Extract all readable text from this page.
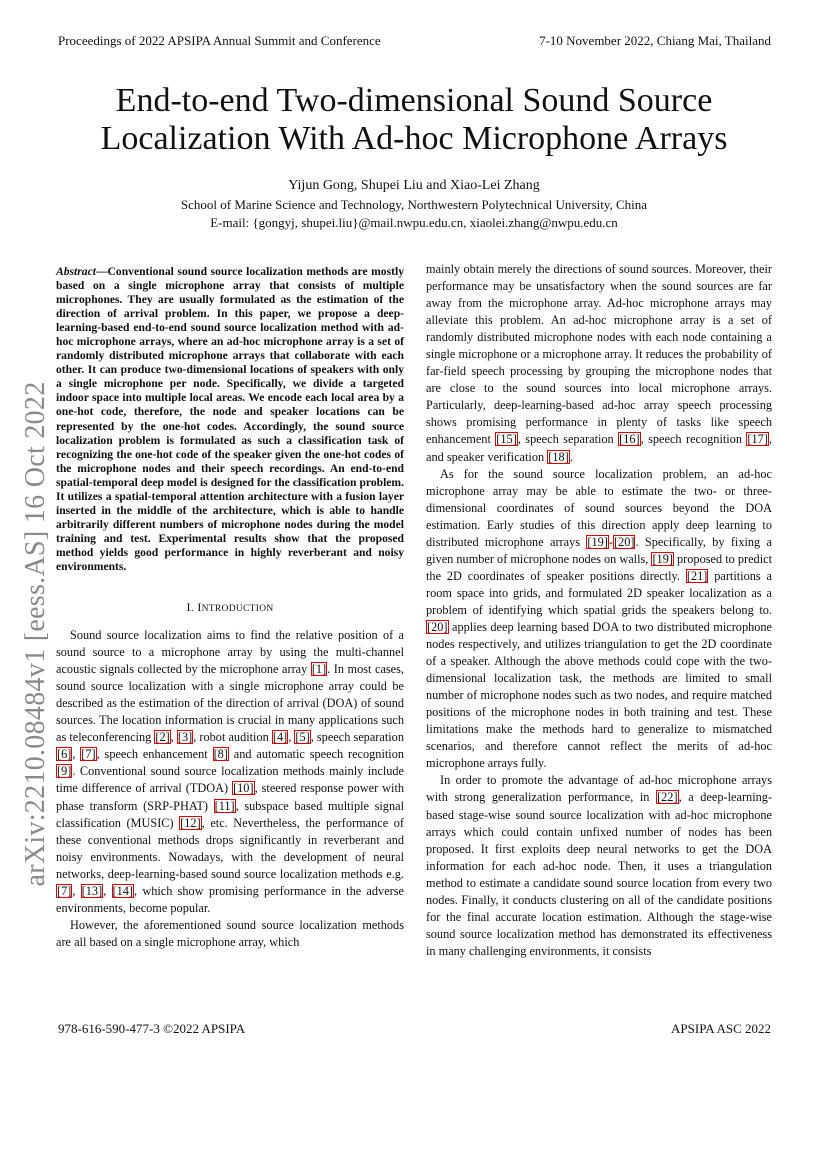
Proceedings of 2022 APSIPA Annual Summit and Conference	7-10 November 2022, Chiang Mai, Thailand
End-to-end Two-dimensional Sound Source
Localization With Ad-hoc Microphone Arrays
Yijun Gong, Shupei Liu and Xiao-Lei Zhang
School of Marine Science and Technology, Northwestern Polytechnical University, China
E-mail: {gongyj, shupei.liu}@mail.nwpu.edu.cn, xiaolei.zhang@nwpu.edu.cn
arXiv:2210.08484v1 [eess.AS] 16 Oct 2022

Abstract—Conventional sound source localization methods are mostly based on a single microphone array that consists of multiple microphones. They are usually formulated as the estimation of the direction of arrival problem. In this paper, we propose a deep-learning-based end-to-end sound source localization method with ad-hoc microphone arrays, where an ad-hoc microphone array is a set of randomly distributed microphone arrays that collaborate with each other. It can produce two-dimensional locations of speakers with only a single microphone per node. Specifically, we divide a targeted indoor space into multiple local areas. We encode each local area by a one-hot code, therefore, the node and speaker locations can be represented by the one-hot codes. Accordingly, the sound source localization problem is formulated as such a classification task of recognizing the one-hot code of the speaker given the one-hot codes of the microphone nodes and their speech recordings. An end-to-end spatial-temporal deep model is designed for the classification problem. It utilizes a spatial-temporal attention architecture with a fusion layer inserted in the middle of the architecture, which is able to handle arbitrarily different numbers of microphone nodes during the model training and test. Experimental results show that the proposed method yields good performance in highly reverberant and noisy environments.

I. INTRODUCTION

Sound source localization aims to find the relative position of a sound source to a microphone array by using the multi-channel acoustic signals collected by the microphone array [1]. In most cases, sound source localization with a single microphone array could be described as the estimation of the direction of arrival (DOA) of sound sources. The location information is crucial in many applications such as teleconferencing [2], [3], robot audition [4], [5], speech separation [6], [7], speech enhancement [8] and automatic speech recognition [9]. Conventional sound source localization methods mainly include time difference of arrival (TDOA) [10], steered response power with phase transform (SRP-PHAT) [11], subspace based multiple signal classification (MUSIC) [12], etc. Nevertheless, the performance of these conventional methods drops significantly in reverberant and noisy environments. Nowadays, with the development of neural networks, deep-learning-based sound source localization methods e.g. [7], [13], [14], which show promising performance in the adverse environments, become popular.

However, the aforementioned sound source localization methods are all based on a single microphone array, which

mainly obtain merely the directions of sound sources. Moreover, their performance may be unsatisfactory when the sound sources are far away from the microphone array. Ad-hoc microphone arrays may alleviate this problem. An ad-hoc microphone array is a set of randomly distributed microphone nodes with each node containing a single microphone or a microphone array. It reduces the probability of far-field speech processing by grouping the microphone nodes that are close to the sound sources into local microphone arrays. Particularly, deep-learning-based ad-hoc array speech processing shows promising performance in plenty of tasks like speech enhancement [15], speech separation [16], speech recognition [17], and speaker verification [18].

As for the sound source localization problem, an ad-hoc microphone array may be able to estimate the two- or three-dimensional coordinates of sound sources beyond the DOA estimation. Early studies of this direction apply deep learning to distributed microphone arrays [19]-[20]. Specifically, by fixing a given number of microphone nodes on walls, [19] proposed to predict the 2D coordinates of speaker positions directly. [21] partitions a room space into grids, and formulated 2D speaker localization as a problem of identifying which spatial grids the speakers belong to. [20] applies deep learning based DOA to two distributed microphone nodes respectively, and utilizes triangulation to get the 2D coordinate of a speaker. Although the above methods could cope with the two-dimensional localization task, the methods are limited to small number of microphone nodes such as two nodes, and require matched positions of the microphone nodes in both training and test. These limitations make the methods hard to generalize to mismatched scenarios, and therefore cannot reflect the merits of ad-hoc microphone arrays fully.

In order to promote the advantage of ad-hoc microphone arrays with strong generalization performance, in [22], a deep-learning-based stage-wise sound source localization with ad-hoc microphone arrays which could contain unfixed number of nodes has been proposed. It first exploits deep neural networks to get the DOA information for each ad-hoc node. Then, it uses a triangulation method to estimate a candidate sound source location from every two nodes. Finally, it conducts clustering on all of the candidate positions for the final accurate location estimation. Although the stage-wise sound source localization method has demonstrated its effectiveness in many challenging environments, it consists

978-616-590-477-3 ©2022 APSIPA	APSIPA ASC 2022
